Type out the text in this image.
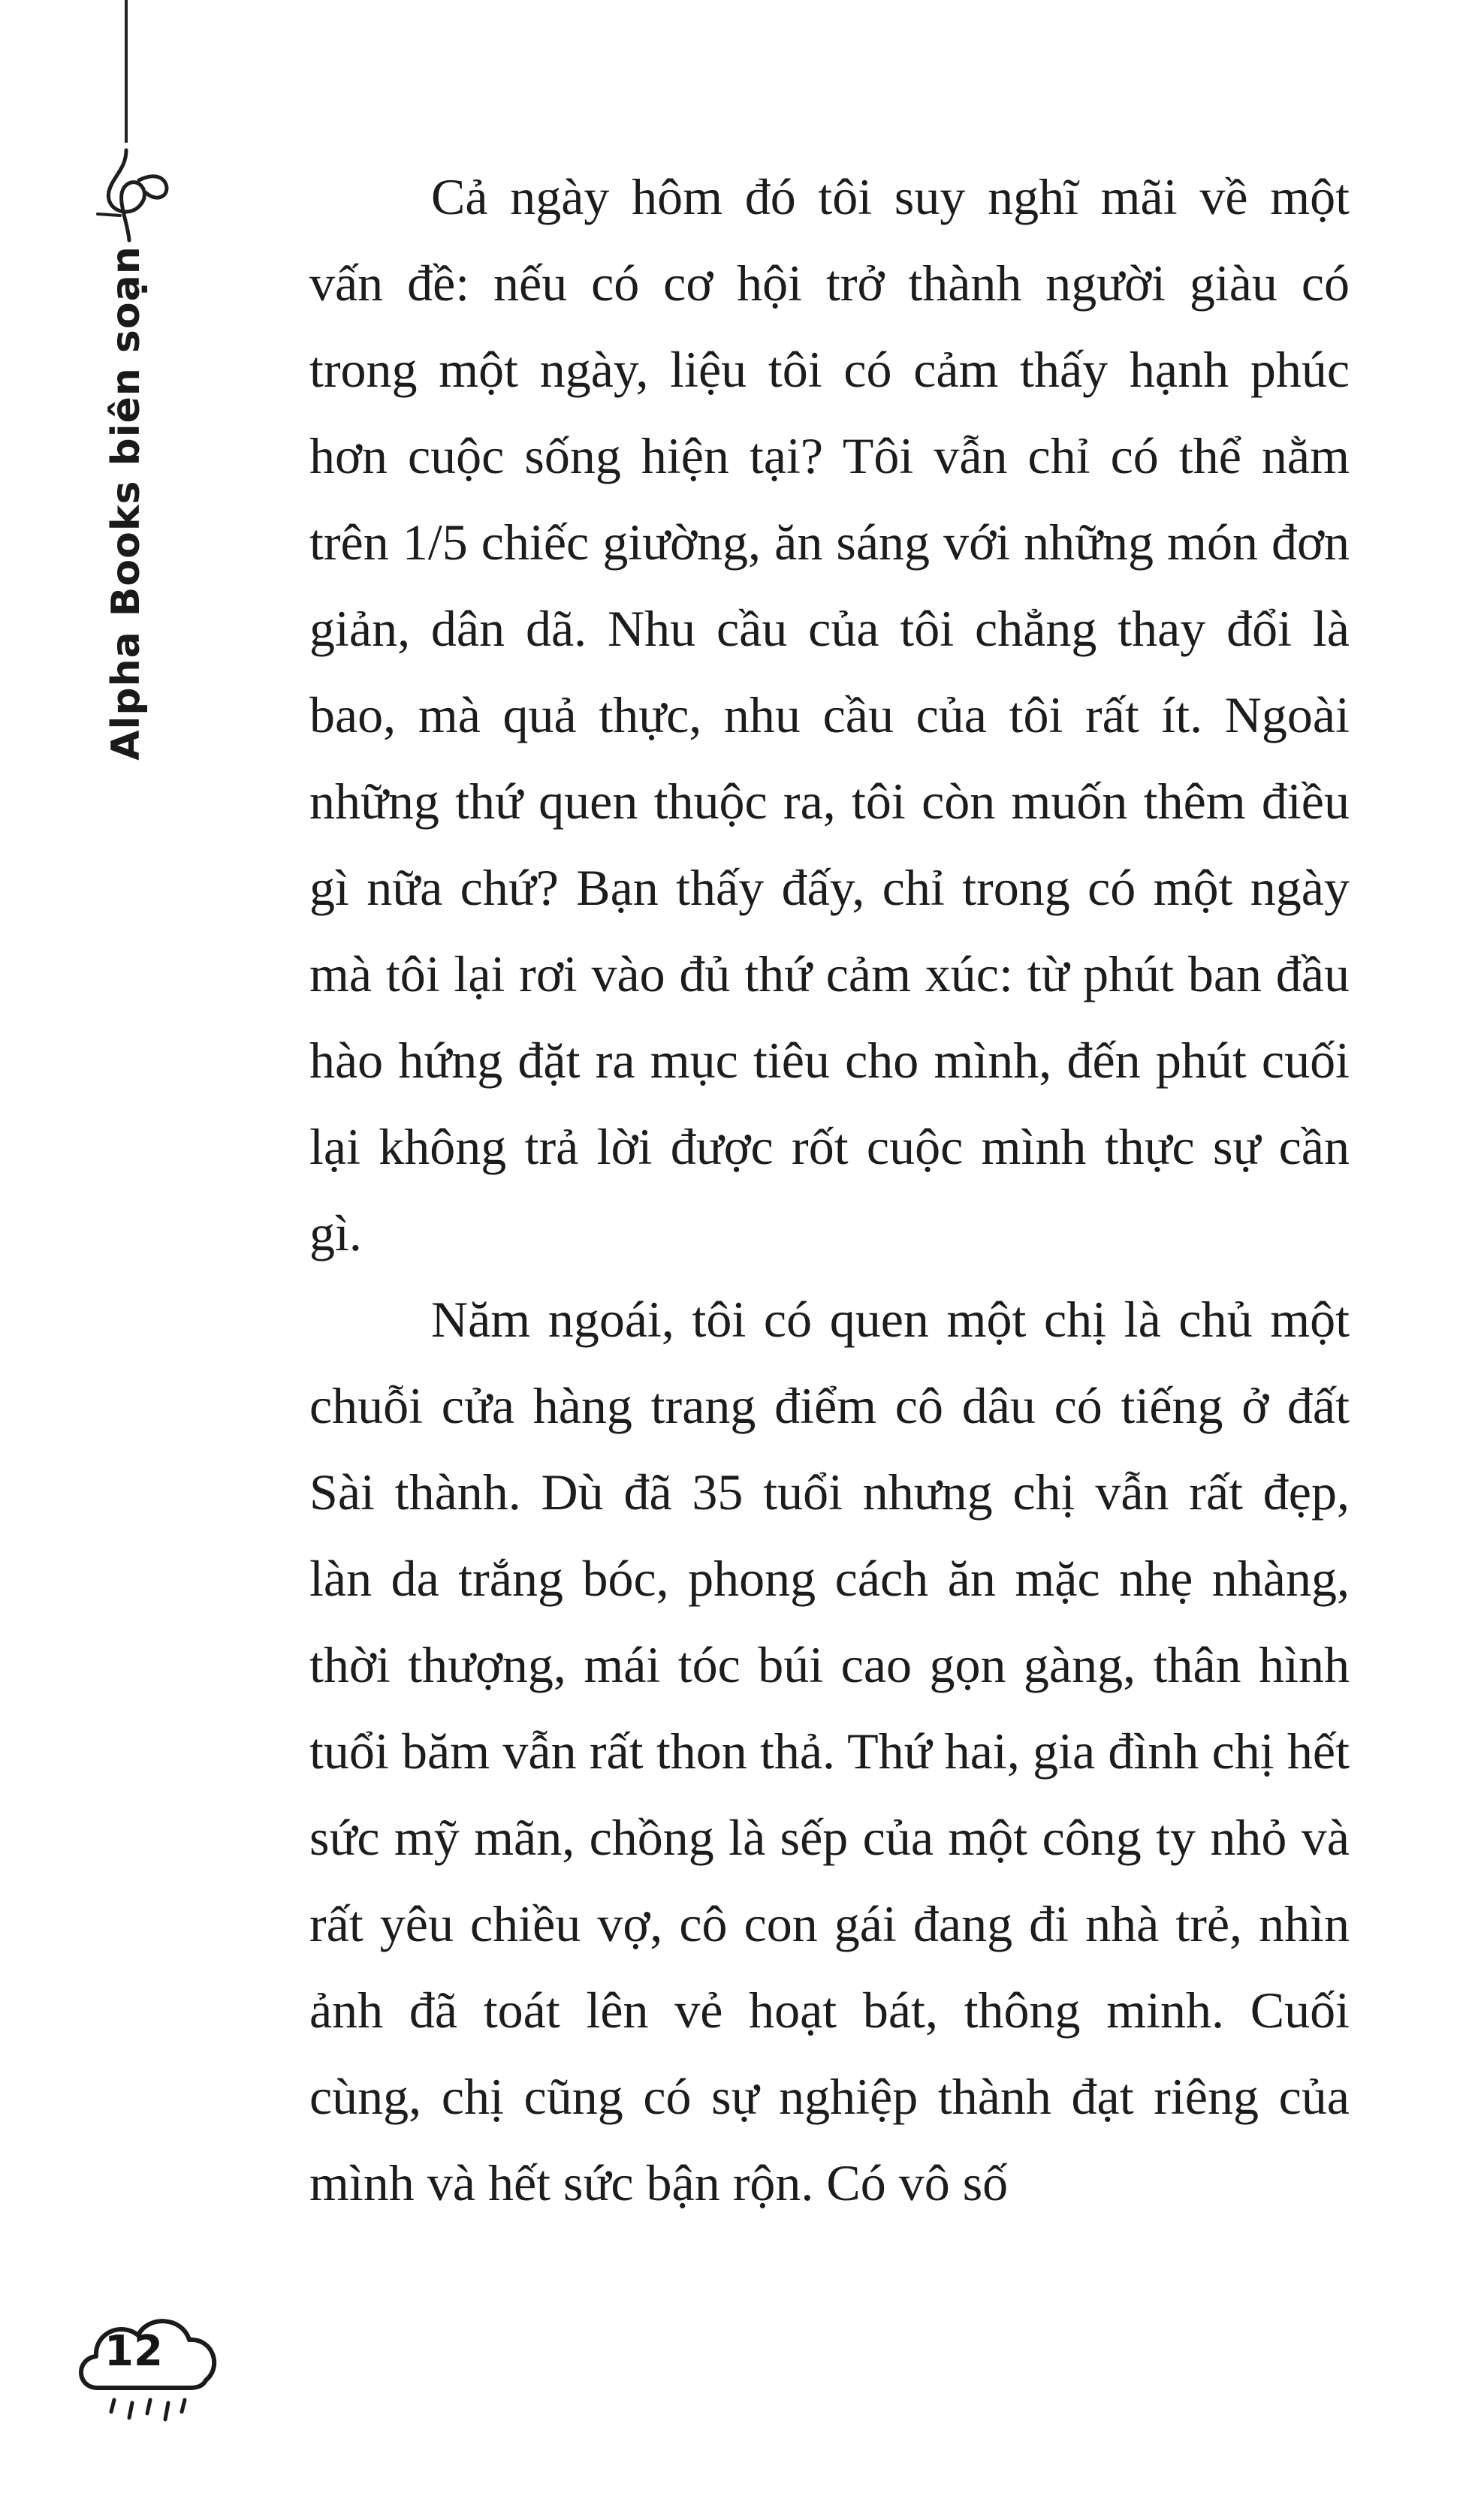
Alpha Books biên soạn

Cả ngày hôm đó tôi suy nghĩ mãi về một vấn đề: nếu có cơ hội trở thành người giàu có trong một ngày, liệu tôi có cảm thấy hạnh phúc hơn cuộc sống hiện tại? Tôi vẫn chỉ có thể nằm trên 1/5 chiếc giường, ăn sáng với những món đơn giản, dân dã. Nhu cầu của tôi chẳng thay đổi là bao, mà quả thực, nhu cầu của tôi rất ít. Ngoài những thứ quen thuộc ra, tôi còn muốn thêm điều gì nữa chứ? Bạn thấy đấy, chỉ trong có một ngày mà tôi lại rơi vào đủ thứ cảm xúc: từ phút ban đầu hào hứng đặt ra mục tiêu cho mình, đến phút cuối lại không trả lời được rốt cuộc mình thực sự cần gì.

Năm ngoái, tôi có quen một chị là chủ một chuỗi cửa hàng trang điểm cô dâu có tiếng ở đất Sài thành. Dù đã 35 tuổi nhưng chị vẫn rất đẹp, làn da trắng bóc, phong cách ăn mặc nhẹ nhàng, thời thượng, mái tóc búi cao gọn gàng, thân hình tuổi băm vẫn rất thon thả. Thứ hai, gia đình chị hết sức mỹ mãn, chồng là sếp của một công ty nhỏ và rất yêu chiều vợ, cô con gái đang đi nhà trẻ, nhìn ảnh đã toát lên vẻ hoạt bát, thông minh. Cuối cùng, chị cũng có sự nghiệp thành đạt riêng của mình và hết sức bận rộn. Có vô số

12
